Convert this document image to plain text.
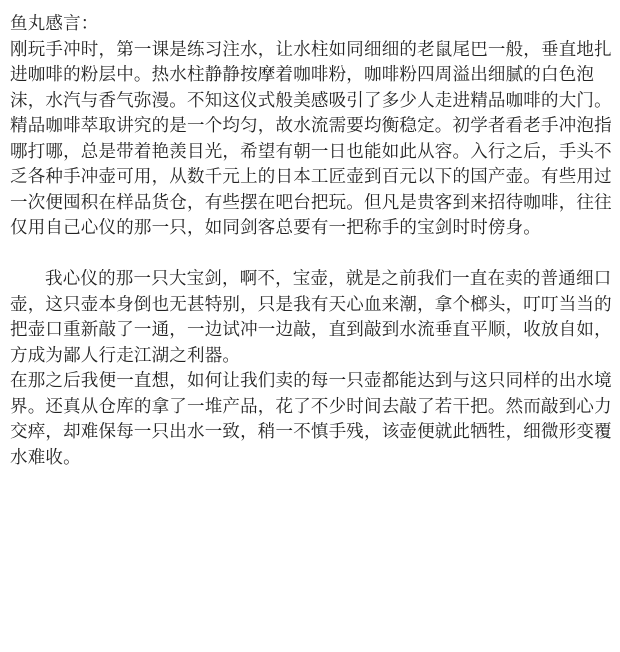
鱼丸感言：

刚玩手冲时，第一课是练习注水，让水柱如同细细的老鼠尾巴一般，垂直地扎进咖啡的粉层中。热水柱静静按摩着咖啡粉，咖啡粉四周溢出细腻的白色泡沫，水汽与香气弥漫。不知这仪式般美感吸引了多少人走进精品咖啡的大门。

精品咖啡萃取讲究的是一个均匀，故水流需要均衡稳定。初学者看老手冲泡指哪打哪，总是带着艳羡目光，希望有朝一日也能如此从容。入行之后，手头不乏各种手冲壶可用，从数千元上的日本工匠壶到百元以下的国产壶。有些用过一次便囤积在样品货仓，有些摆在吧台把玩。但凡是贵客到来招待咖啡，往往仅用自己心仪的那一只，如同剑客总要有一把称手的宝剑时时傍身。

我心仪的那一只大宝剑，啊不，宝壶，就是之前我们一直在卖的普通细口壶，这只壶本身倒也无甚特别，只是我有天心血来潮，拿个榔头，叮叮当当的把壶口重新敲了一通，一边试冲一边敲，直到敲到水流垂直平顺，收放自如，方成为鄙人行走江湖之利器。

在那之后我便一直想，如何让我们卖的每一只壶都能达到与这只同样的出水境界。还真从仓库的拿了一堆产品，花了不少时间去敲了若干把。然而敲到心力交瘁，却难保每一只出水一致，稍一不慎手残，该壶便就此牺牲，细微形变覆水难收。
